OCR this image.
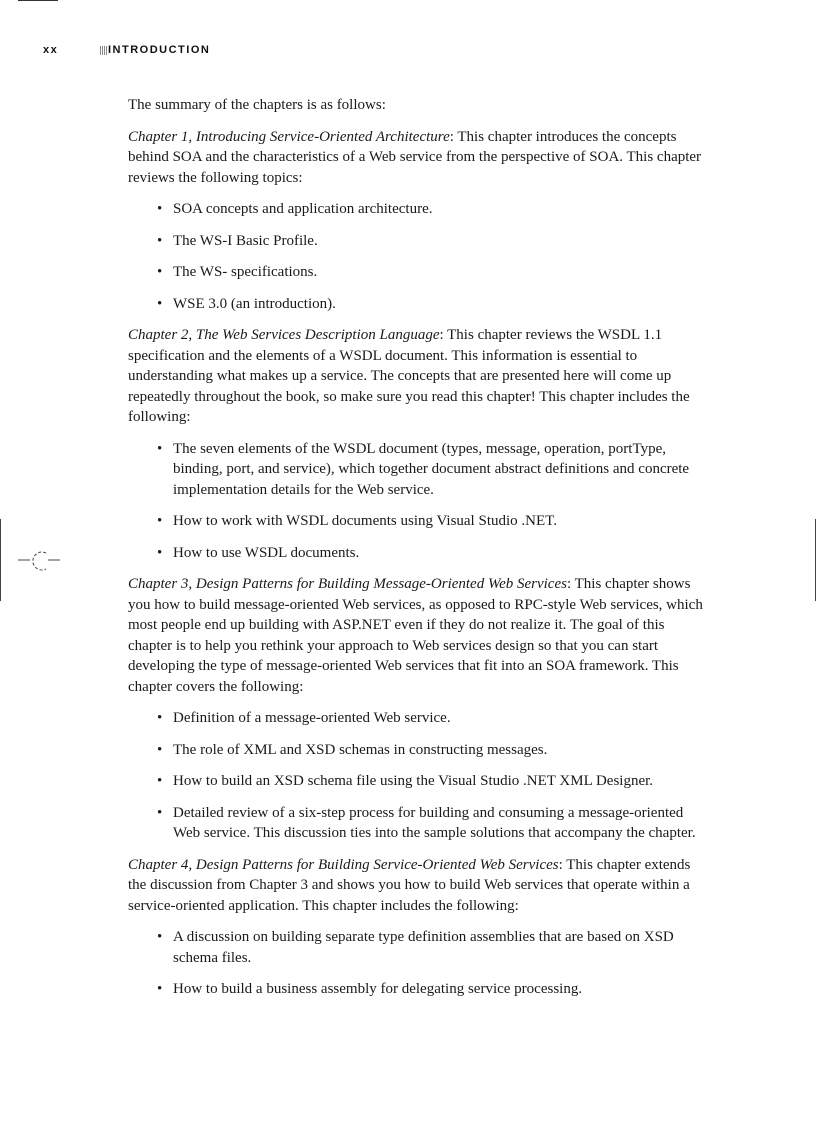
xx	INTRODUCTION

The summary of the chapters is as follows:

Chapter 1, Introducing Service-Oriented Architecture: This chapter introduces the concepts behind SOA and the characteristics of a Web service from the perspective of SOA. This chapter reviews the following topics:

• SOA concepts and application architecture.
• The WS-I Basic Profile.
• The WS- specifications.
• WSE 3.0 (an introduction).

Chapter 2, The Web Services Description Language: This chapter reviews the WSDL 1.1 specification and the elements of a WSDL document. This information is essential to understanding what makes up a service. The concepts that are presented here will come up repeatedly throughout the book, so make sure you read this chapter! This chapter includes the following:

• The seven elements of the WSDL document (types, message, operation, portType, binding, port, and service), which together document abstract definitions and concrete implementation details for the Web service.
• How to work with WSDL documents using Visual Studio .NET.
• How to use WSDL documents.

Chapter 3, Design Patterns for Building Message-Oriented Web Services: This chapter shows you how to build message-oriented Web services, as opposed to RPC-style Web services, which most people end up building with ASP.NET even if they do not realize it. The goal of this chapter is to help you rethink your approach to Web services design so that you can start developing the type of message-oriented Web services that fit into an SOA framework. This chapter covers the following:

• Definition of a message-oriented Web service.
• The role of XML and XSD schemas in constructing messages.
• How to build an XSD schema file using the Visual Studio .NET XML Designer.
• Detailed review of a six-step process for building and consuming a message-oriented Web service. This discussion ties into the sample solutions that accompany the chapter.

Chapter 4, Design Patterns for Building Service-Oriented Web Services: This chapter extends the discussion from Chapter 3 and shows you how to build Web services that operate within a service-oriented application. This chapter includes the following:

• A discussion on building separate type definition assemblies that are based on XSD schema files.
• How to build a business assembly for delegating service processing.
